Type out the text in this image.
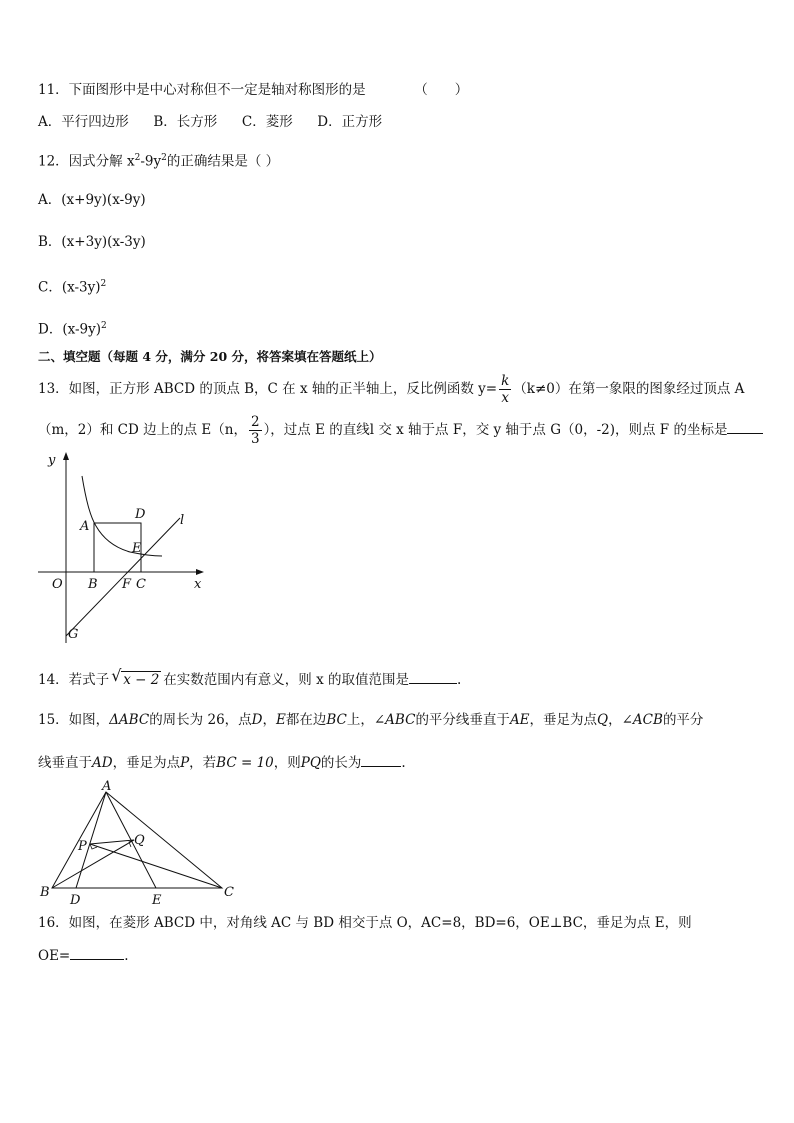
11．下面图形中是中心对称但不一定是轴对称图形的是	（　　）
A．平行四边形 B．长方形 C．菱形 D．正方形
12．因式分解 $x^2-9y^2$的正确结果是（ ）
A．(x+9y)(x-9y)
B．(x+3y)(x-3y)
C．$(x-3y)^2$
D．$(x-9y)^2$
二、填空题（每题 4 分，满分 20 分，将答案填在答题纸上）
13．如图，正方形 ABCD 的顶点 B，C 在 x 轴的正半轴上，反比例函数 $y= \frac{k}{x} (k\ne 0)$在第一象限的图象经过顶点 A
（m，2）和 CD 边上的点 E（n， $\frac{2}{3}$ ），过点 E 的直线l 交 x 轴于点 F，交 y 轴于点 G（0，-2)，则点 F 的坐标是
y
x
O
A
B
D
E
F C
G
l
14．若式子 √ x − 2 在实数范围内有意义，则 x 的取值范围是	.
15．如图，ΔABC的周长为 26，点D，E都在边BC上，∠ABC的平分线垂直于AE，垂足为点Q，∠ACB的平分
线垂直于AD，垂足为点P，若BC = 10，则PQ的长为	.
A
B	C
D	E
P	Q
16．如图，在菱形 ABCD 中，对角线 AC 与 BD 相交于点 O，AC=8，BD=6，OE⊥BC，垂足为点 E，则
OE=	.
